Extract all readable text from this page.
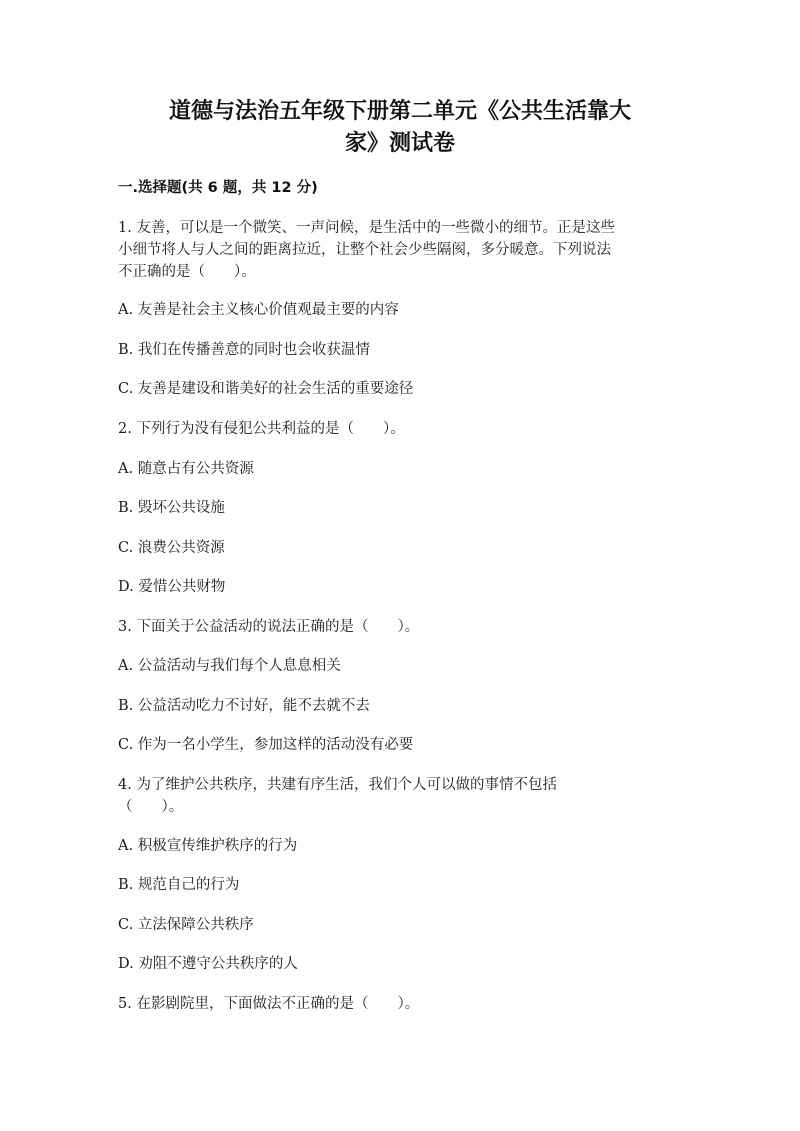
道德与法治五年级下册第二单元《公共生活靠大
家》测试卷
一.选择题(共 6 题，共 12 分)
1. 友善，可以是一个微笑、一声问候，是生活中的一些微小的细节。正是这些
小细节将人与人之间的距离拉近，让整个社会少些隔阂，多分暖意。下列说法
不正确的是（　　）。
A. 友善是社会主义核心价值观最主要的内容
B. 我们在传播善意的同时也会收获温情
C. 友善是建设和谐美好的社会生活的重要途径
2. 下列行为没有侵犯公共利益的是（　　）。
A. 随意占有公共资源
B. 毁坏公共设施
C. 浪费公共资源
D. 爱惜公共财物
3. 下面关于公益活动的说法正确的是（　　）。
A. 公益活动与我们每个人息息相关
B. 公益活动吃力不讨好，能不去就不去
C. 作为一名小学生，参加这样的活动没有必要
4. 为了维护公共秩序，共建有序生活，我们个人可以做的事情不包括
（　　）。
A. 积极宣传维护秩序的行为
B. 规范自己的行为
C. 立法保障公共秩序
D. 劝阻不遵守公共秩序的人
5. 在影剧院里，下面做法不正确的是（　　）。
